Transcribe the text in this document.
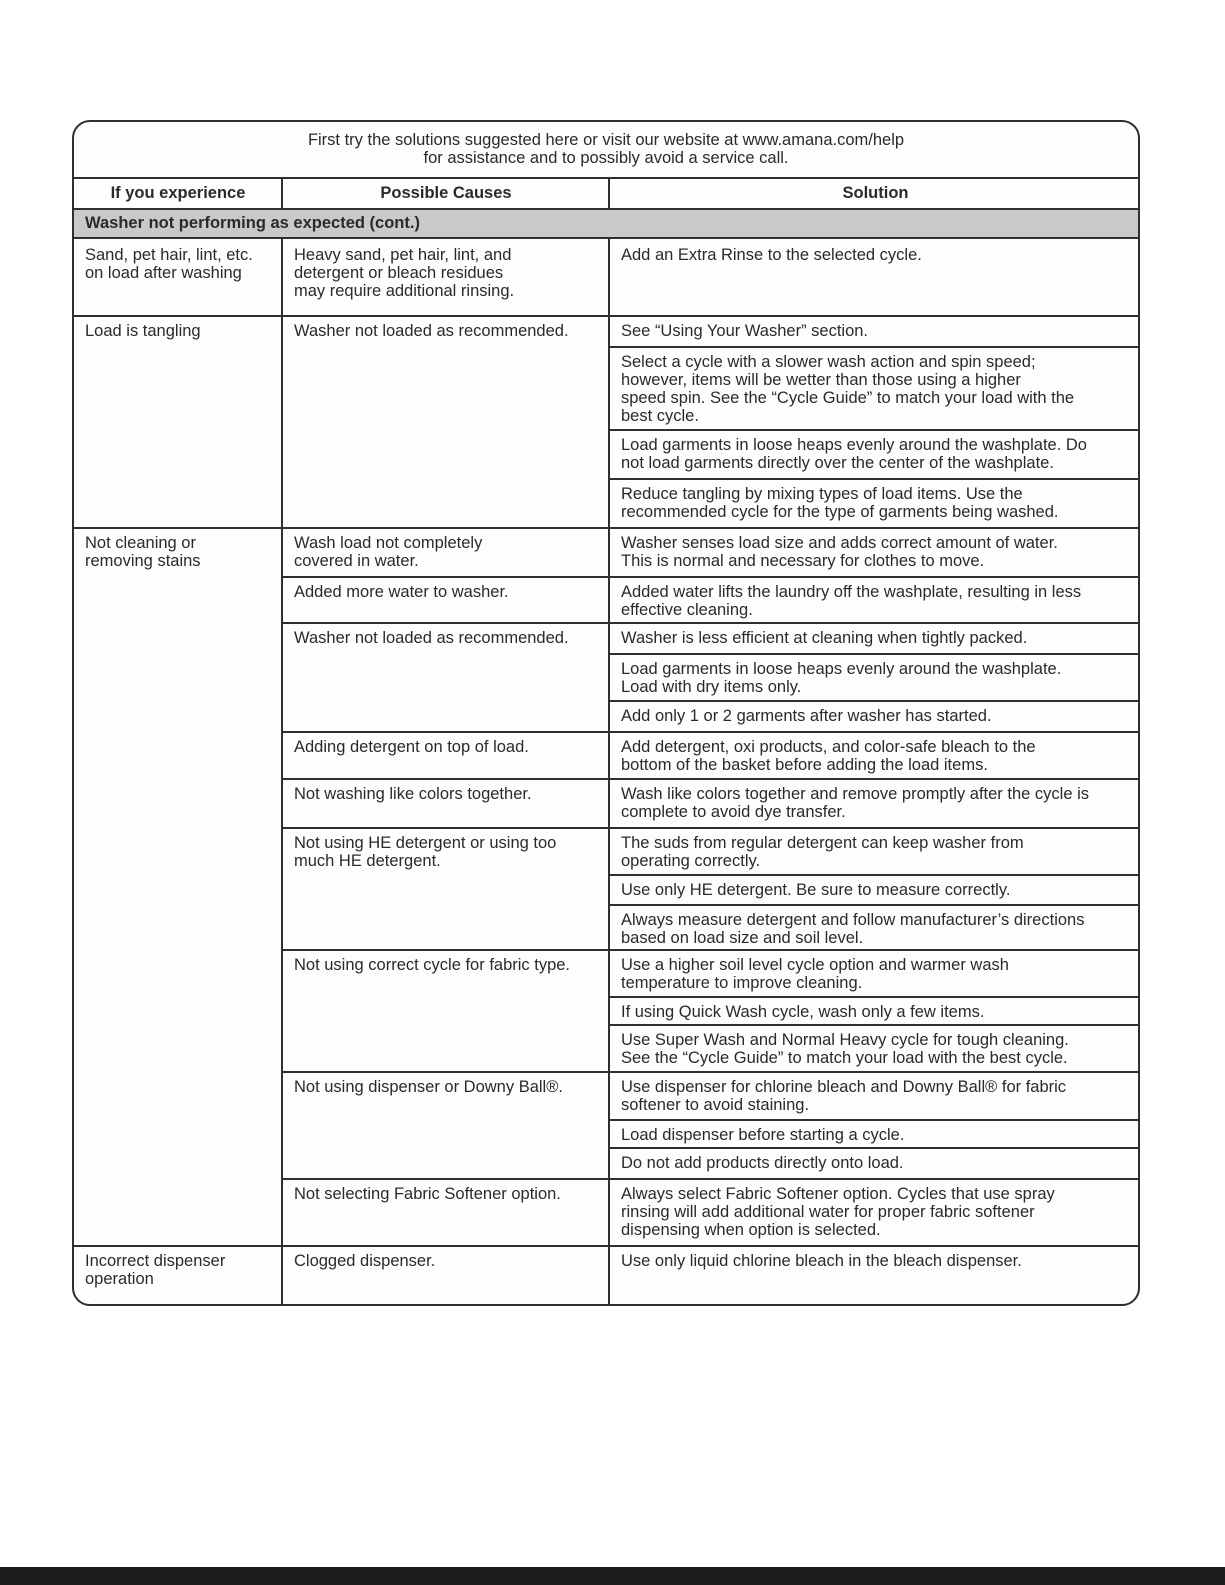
First try the solutions suggested here or visit our website at www.amana.com/help
for assistance and to possibly avoid a service call.
If you experience	Possible Causes	Solution
Washer not performing as expected (cont.)
Sand, pet hair, lint, etc.
on load after washing
Load is tangling
Not cleaning or
removing stains
Incorrect dispenser
operation
Heavy sand, pet hair, lint, and
detergent or bleach residues
may require additional rinsing.
Washer not loaded as recommended.
Wash load not completely
covered in water.
Added more water to washer.
Washer not loaded as recommended.
Adding detergent on top of load.
Not washing like colors together.
Not using HE detergent or using too
much HE detergent.
Not using correct cycle for fabric type.
Not using dispenser or Downy Ball®.
Not selecting Fabric Softener option.
Clogged dispenser.
Add an Extra Rinse to the selected cycle.
See “Using Your Washer” section.
Select a cycle with a slower wash action and spin speed;
however, items will be wetter than those using a higher
speed spin. See the “Cycle Guide” to match your load with the
best cycle.
Load garments in loose heaps evenly around the washplate. Do
not load garments directly over the center of the washplate.
Reduce tangling by mixing types of load items. Use the
recommended cycle for the type of garments being washed.
Washer senses load size and adds correct amount of water.
This is normal and necessary for clothes to move.
Added water lifts the laundry off the washplate, resulting in less
effective cleaning.
Washer is less efficient at cleaning when tightly packed.
Load garments in loose heaps evenly around the washplate.
Load with dry items only.
Add only 1 or 2 garments after washer has started.
Add detergent, oxi products, and color-safe bleach to the
bottom of the basket before adding the load items.
Wash like colors together and remove promptly after the cycle is
complete to avoid dye transfer.
The suds from regular detergent can keep washer from
operating correctly.
Use only HE detergent. Be sure to measure correctly.
Always measure detergent and follow manufacturer’s directions
based on load size and soil level.
Use a higher soil level cycle option and warmer wash
temperature to improve cleaning.
If using Quick Wash cycle, wash only a few items.
Use Super Wash and Normal Heavy cycle for tough cleaning.
See the “Cycle Guide” to match your load with the best cycle.
Use dispenser for chlorine bleach and Downy Ball® for fabric
softener to avoid staining.
Load dispenser before starting a cycle.
Do not add products directly onto load.
Always select Fabric Softener option. Cycles that use spray
rinsing will add additional water for proper fabric softener
dispensing when option is selected.
Use only liquid chlorine bleach in the bleach dispenser.
